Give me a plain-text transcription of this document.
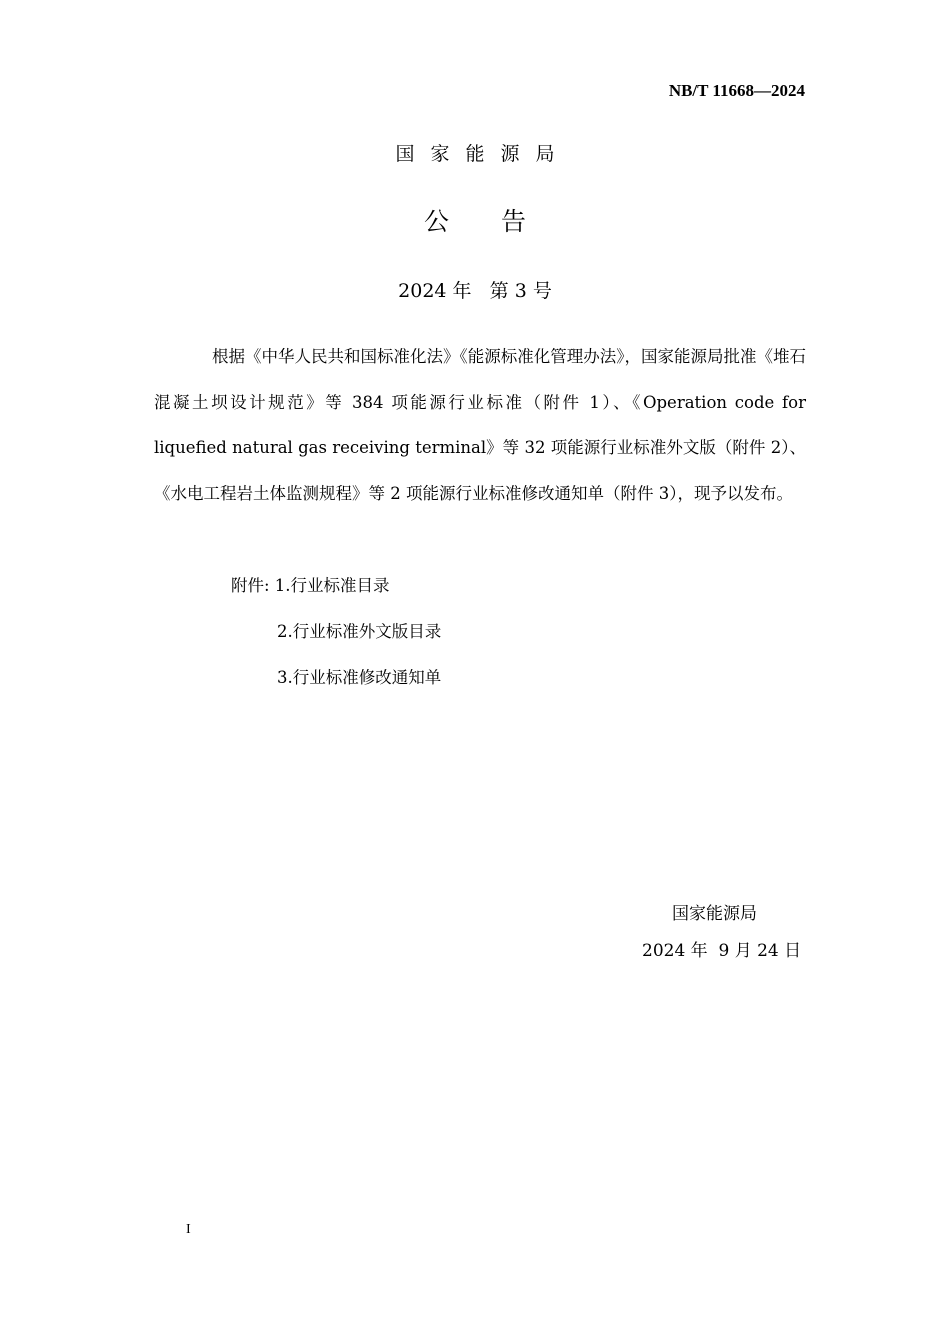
NB/T 11668—2024
国家能源局
公告
2024 年   第 3 号

根据《中华人民共和国标准化法》《能源标准化管理办法》，国家能源局批准《堆石混凝土坝设计规范》等 384 项能源行业标准（附件 1）、《Operation code for liquefied natural gas receiving terminal》等 32 项能源行业标准外文版（附件 2）、《水电工程岩土体监测规程》等 2 项能源行业标准修改通知单（附件 3），现予以发布。

附件: 1.行业标准目录
2.行业标准外文版目录
3.行业标准修改通知单
国家能源局
2024 年  9 月 24 日
I
